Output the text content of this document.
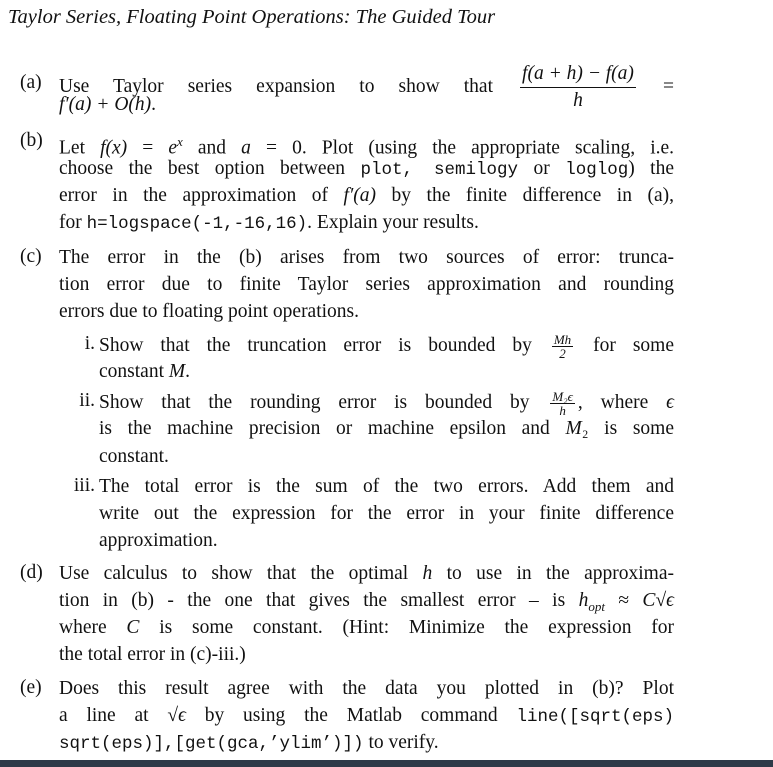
Taylor Series, Floating Point Operations: The Guided Tour
(a) Use Taylor series expansion to show that $\frac{f(a + h) - f(a)}{h}$ =
f′(a) + O(h).
(b) Let $f(x) = e^x$ and a = 0. Plot (using the appropriate scaling, i.e.
choose the best option between plot, semilogy or loglog) the
error in the approximation of f′(a) by the finite difference in (a),
for h=logspace(-1,-16,16). Explain your results.
(c) The error in the (b) arises from two sources of error: trunca-
tion error due to finite Taylor series approximation and rounding
errors due to floating point operations.
i. Show that the truncation error is bounded by $\frac{Mh}{2}$ for some
constant M.
ii. Show that the rounding error is bounded by $\frac{\text{M₂ϵ}}{h}$ , where ϵ
is the machine precision or machine epsilon and M₂ is some
constant.
iii. The total error is the sum of the two errors. Add them and
write out the expression for the error in your finite difference
approximation.
(d) Use calculus to show that the optimal h to use in the approxima-
tion in (b) - the one that gives the smallest error – is $h_{opt} \approx C√\epsilon$
where C is some constant. (Hint: Minimize the expression for
the total error in (c)-iii.)
(e) Does this result agree with the data you plotted in (b)? Plot
a line at √ϵ by using the Matlab command line([sqrt(eps)
sqrt(eps)],[get(gca,’ylim’)]) to verify.
